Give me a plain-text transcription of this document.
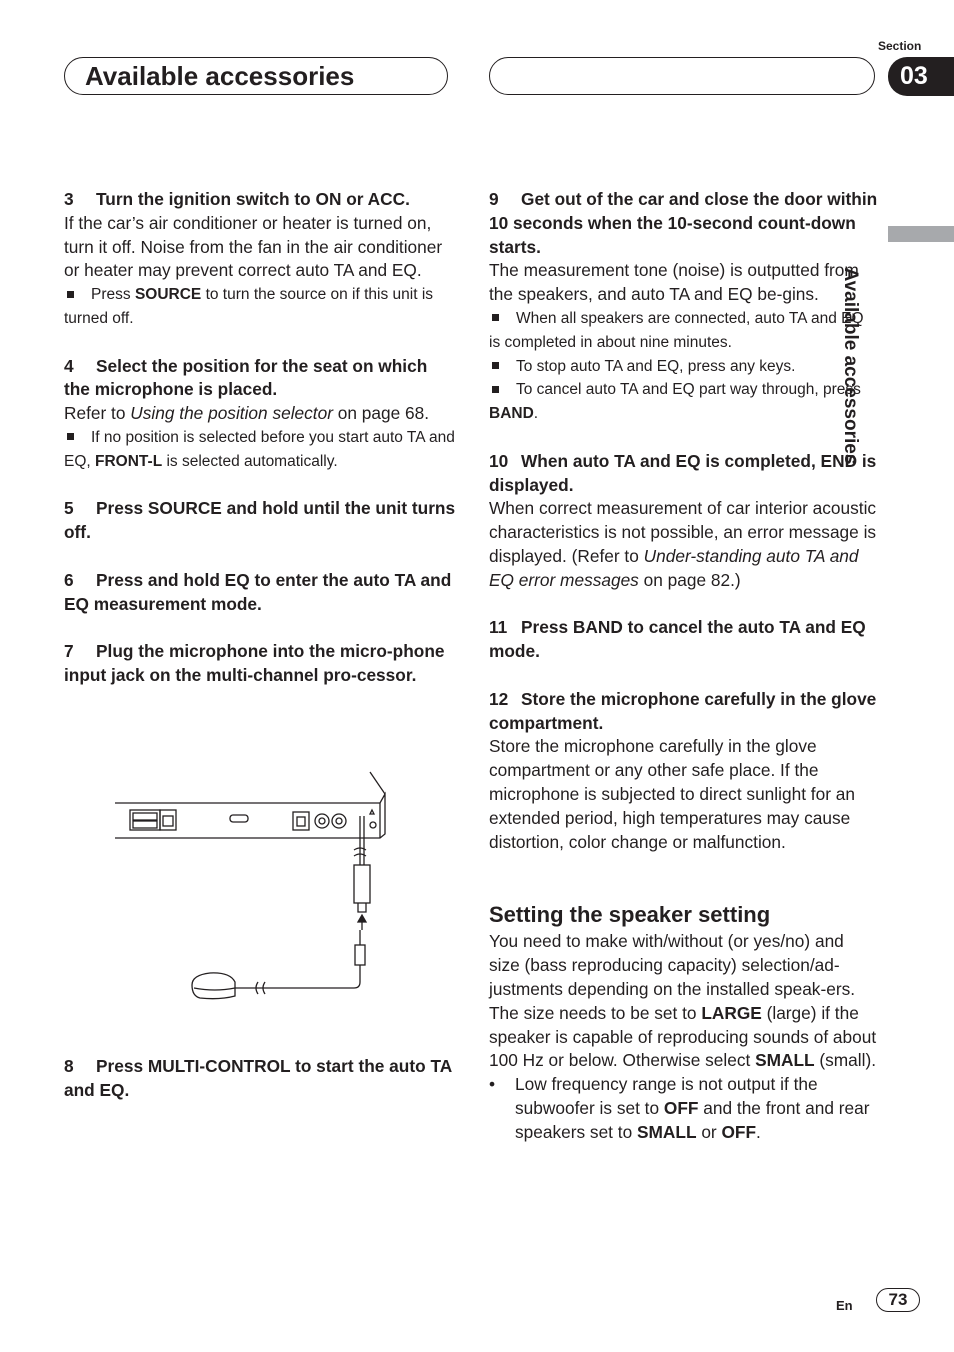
Available accessories
Section
03
Available accessories

3 Turn the ignition switch to ON or ACC.

If the car’s air conditioner or heater is turned on, turn it off. Noise from the fan in the air conditioner or heater may prevent correct auto TA and EQ.

Press SOURCE to turn the source on if this unit is turned off.

4 Select the position for the seat on which the microphone is placed.

Refer to Using the position selector on page 68.

If no position is selected before you start auto TA and EQ, FRONT-L is selected automatically.

5 Press SOURCE and hold until the unit turns off.

6 Press and hold EQ to enter the auto TA and EQ measurement mode.

7 Plug the microphone into the micro-phone input jack on the multi-channel pro-cessor.

8 Press MULTI-CONTROL to start the auto TA and EQ.

9 Get out of the car and close the door within 10 seconds when the 10-second count-down starts.

The measurement tone (noise) is outputted from the speakers, and auto TA and EQ be-gins.

When all speakers are connected, auto TA and EQ is completed in about nine minutes.

To stop auto TA and EQ, press any keys.

To cancel auto TA and EQ part way through, press BAND.

10 When auto TA and EQ is completed, END is displayed.

When correct measurement of car interior acoustic characteristics is not possible, an error message is displayed. (Refer to Under-standing auto TA and EQ error messages on page 82.)

11 Press BAND to cancel the auto TA and EQ mode.

12 Store the microphone carefully in the glove compartment.

Store the microphone carefully in the glove compartment or any other safe place. If the microphone is subjected to direct sunlight for an extended period, high temperatures may cause distortion, color change or malfunction.

Setting the speaker setting

You need to make with/without (or yes/no) and size (bass reproducing capacity) selection/ad-justments depending on the installed speak-ers. The size needs to be set to LARGE (large) if the speaker is capable of reproducing sounds of about 100 Hz or below. Otherwise select SMALL (small).

•	Low frequency range is not output if the subwoofer is set to OFF and the front and rear speakers set to SMALL or OFF.

En	73
